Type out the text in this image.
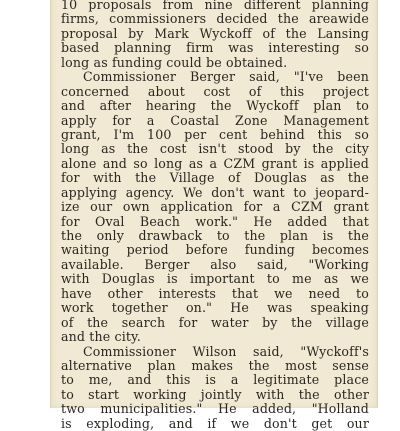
10 proposals from nine different planning
firms, commissioners decided the areawide
proposal by Mark Wyckoff of the Lansing
based planning firm was interesting so
long as funding could be obtained.
Commissioner Berger said, "I've been
concerned about cost of this project
and after hearing the Wyckoff plan to
apply for a Coastal Zone Management
grant, I'm 100 per cent behind this so
long as the cost isn't stood by the city
alone and so long as a CZM grant is applied
for with the Village of Douglas as the
applying agency. We don't want to jeopard-
ize our own application for a CZM grant
for Oval Beach work." He added that
the only drawback to the plan is the
waiting period before funding becomes
available. Berger also said, "Working
with Douglas is important to me as we
have other interests that we need to
work together on." He was speaking
of the search for water by the village
and the city.
Commissioner Wilson said, "Wyckoff's
alternative plan makes the most sense
to me, and this is a legitimate place
to start working jointly with the other
two municipalities." He added, "Holland
is exploding, and if we don't get our
